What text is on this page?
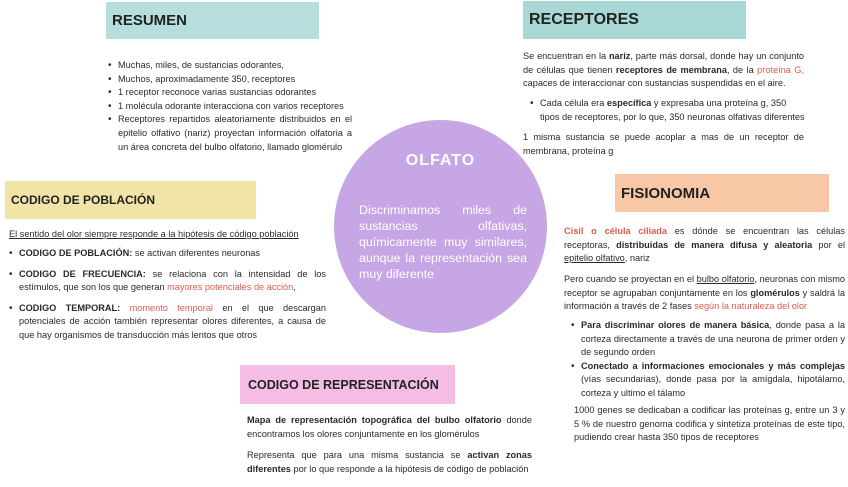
OLFATO
Discriminamos miles de sustancias olfativas, químicamente muy similares, aunque la representación sea muy diferente
RESUMEN
• Muchas, miles, de sustancias odorantes,
• Muchos, aproximadamente 350, receptores
• 1 receptor reconoce varias sustancias odorantes
• 1 molécula odorante interacciona con varios receptores
• Receptores repartidos aleatoriamente distribuidos en el epitelio olfativo (nariz) proyectan información olfatoria a un área concreta del bulbo olfatorio, llamado glomérulo
RECEPTORES
Se encuentran en la nariz, parte más dorsal, donde hay un conjunto de células que tienen receptores de membrana, de la proteína G, capaces de interaccionar con sustancias suspendidas en el aire.
• Cada célula era específica y expresaba una proteína g, 350 tipos de receptores, por lo que, 350 neuronas olfativas diferentes
1 misma sustancia se puede acoplar a mas de un receptor de membrana, proteína g
CODIGO DE POBLACIÓN
El sentido del olor siempre responde a la hipótesis de código población
• CODIGO DE POBLACIÓN: se activan diferentes neuronas
• CODIGO DE FRECUENCIA: se relaciona con la intensidad de los estímulos, que son los que generan mayores potenciales de acción,
• CODIGO TEMPORAL: momento temporal en el que descargan potenciales de acción también representar olores diferentes, a causa de que hay organismos de transducción más lentos que otros
FISIONOMIA
Cisil o célula ciliada es dónde se encuentran las células receptoras, distribuidas de manera difusa y aleatoria por el epitelio olfativo, nariz
Pero cuando se proyectan en el bulbo olfatorio, neuronas con mismo receptor se agrupaban conjuntamente en los glomérulos y saldrá la información a través de 2 fases según la naturaleza del olor
• Para discriminar olores de manera básica, donde pasa a la corteza directamente a través de una neurona de primer orden y de segundo orden
• Conectado a informaciones emocionales y más complejas (vías secundarias), donde pasa por la amígdala, hipotálamo, corteza y ultimo el tálamo
1000 genes se dedicaban a codificar las proteínas g, entre un 3 y 5 % de nuestro genoma codifica y sintetiza proteínas de este tipo, pudiendo crear hasta 350 tipos de receptores
CODIGO DE REPRESENTACIÓN
Mapa de representación topográfica del bulbo olfatorio donde encontramos los olores conjuntamente en los glomérulos
Representa que para una misma sustancia se activan zonas diferentes por lo que responde a la hipótesis de código de población
